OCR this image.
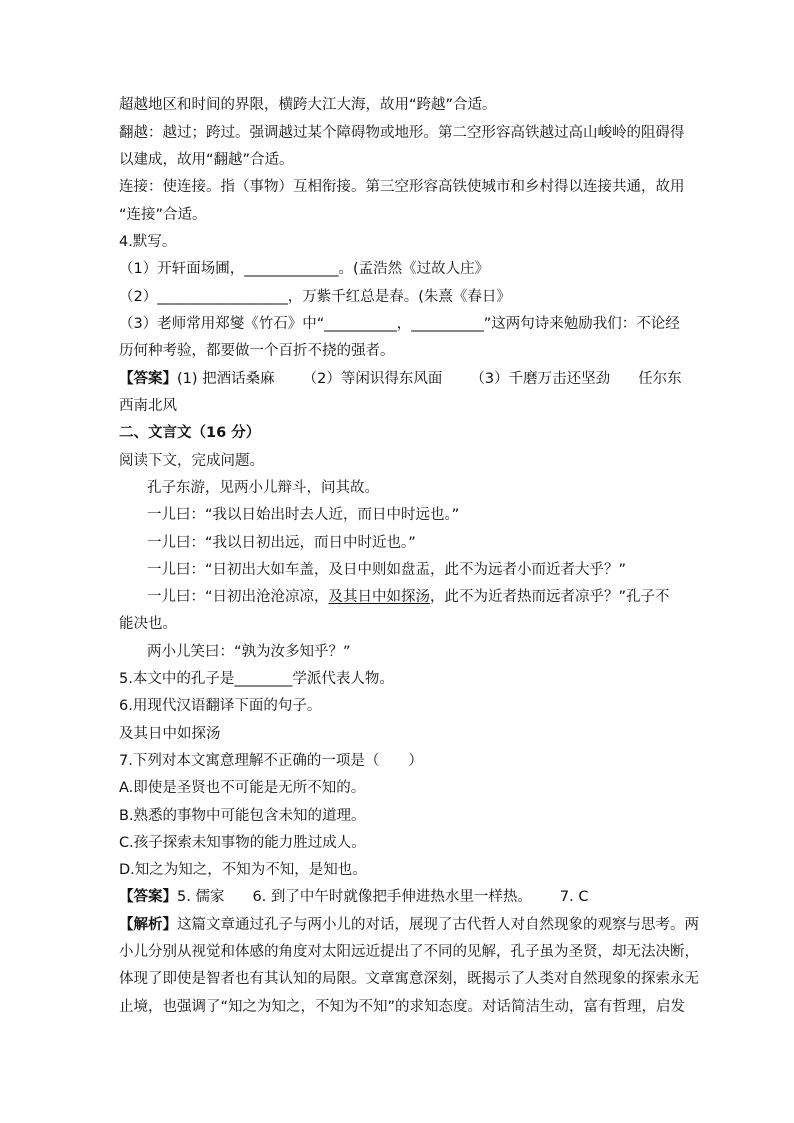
超越地区和时间的界限，横跨大江大海，故用“跨越”合适。
翻越：越过；跨过。强调越过某个障碍物或地形。第二空形容高铁越过高山峻岭的阻碍得
以建成，故用“翻越”合适。
连接：使连接。指（事物）互相衔接。第三空形容高铁使城市和乡村得以连接共通，故用
“连接”合适。
4.默写。
（1）开轩面场圃，_____________。(孟浩然《过故人庄》
（2）__________________，万紫千红总是春。(朱熹《春日》
（3）老师常用郑燮《竹石》中“__________，__________”这两句诗来勉励我们：不论经
历何种考验，都要做一个百折不挠的强者。
【答案】(1) 把酒话桑麻 （2）等闲识得东风面 （3）千磨万击还坚劲 任尔东
西南北风
二、文言文（16 分）
阅读下文，完成问题。
孔子东游，见两小儿辩斗，问其故。
一儿曰：“我以日始出时去人近，而日中时远也。”
一儿曰：“我以日初出远，而日中时近也。”
一儿曰：“日初出大如车盖，及日中则如盘盂，此不为远者小而近者大乎？”
一儿曰：“日初出沧沧凉凉，及其日中如探汤，此不为近者热而远者凉乎？”孔子不
能决也。
两小儿笑曰：“孰为汝多知乎？”
5.本文中的孔子是________学派代表人物。
6.用现代汉语翻译下面的句子。
及其日中如探汤
7.下列对本文寓意理解不正确的一项是（　　）
A.即使是圣贤也不可能是无所不知的。
B.熟悉的事物中可能包含未知的道理。
C.孩子探索未知事物的能力胜过成人。
D.知之为知之，不知为不知，是知也。
【答案】5. 儒家 6. 到了中午时就像把手伸进热水里一样热。 7. C
【解析】这篇文章通过孔子与两小儿的对话，展现了古代哲人对自然现象的观察与思考。两
小儿分别从视觉和体感的角度对太阳远近提出了不同的见解，孔子虽为圣贤，却无法决断，
体现了即使是智者也有其认知的局限。文章寓意深刻，既揭示了人类对自然现象的探索永无
止境，也强调了“知之为知之，不知为不知”的求知态度。对话简洁生动，富有哲理，启发
